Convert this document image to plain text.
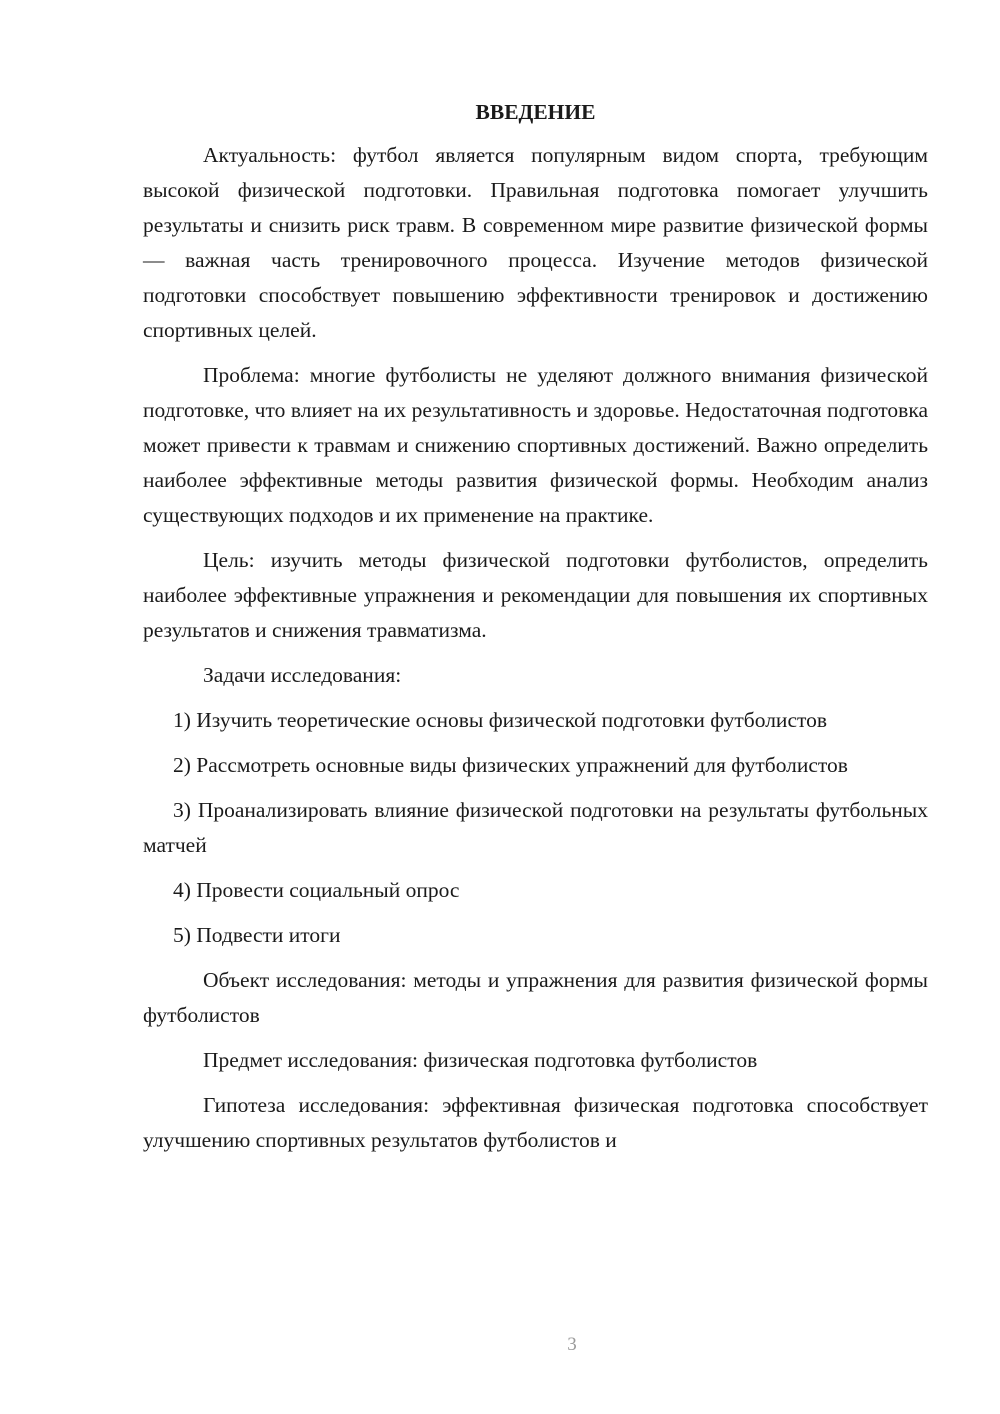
ВВЕДЕНИЕ

Актуальность: футбол является популярным видом спорта, требующим высокой физической подготовки. Правильная подготовка помогает улучшить результаты и снизить риск травм. В современном мире развитие физической формы — важная часть тренировочного процесса. Изучение методов физической подготовки способствует повышению эффективности тренировок и достижению спортивных целей.

Проблема: многие футболисты не уделяют должного внимания физической подготовке, что влияет на их результативность и здоровье. Недостаточная подготовка может привести к травмам и снижению спортивных достижений. Важно определить наиболее эффективные методы развития физической формы. Необходим анализ существующих подходов и их применение на практике.

Цель: изучить методы физической подготовки футболистов, определить наиболее эффективные упражнения и рекомендации для повышения их спортивных результатов и снижения травматизма.

Задачи исследования:

1) Изучить теоретические основы физической подготовки футболистов

2) Рассмотреть основные виды физических упражнений для футболистов

3) Проанализировать влияние физической подготовки на результаты футбольных матчей

4) Провести социальный опрос

5) Подвести итоги

Объект исследования: методы и упражнения для развития физической формы футболистов

Предмет исследования: физическая подготовка футболистов

Гипотеза исследования: эффективная физическая подготовка способствует улучшению спортивных результатов футболистов и

3
